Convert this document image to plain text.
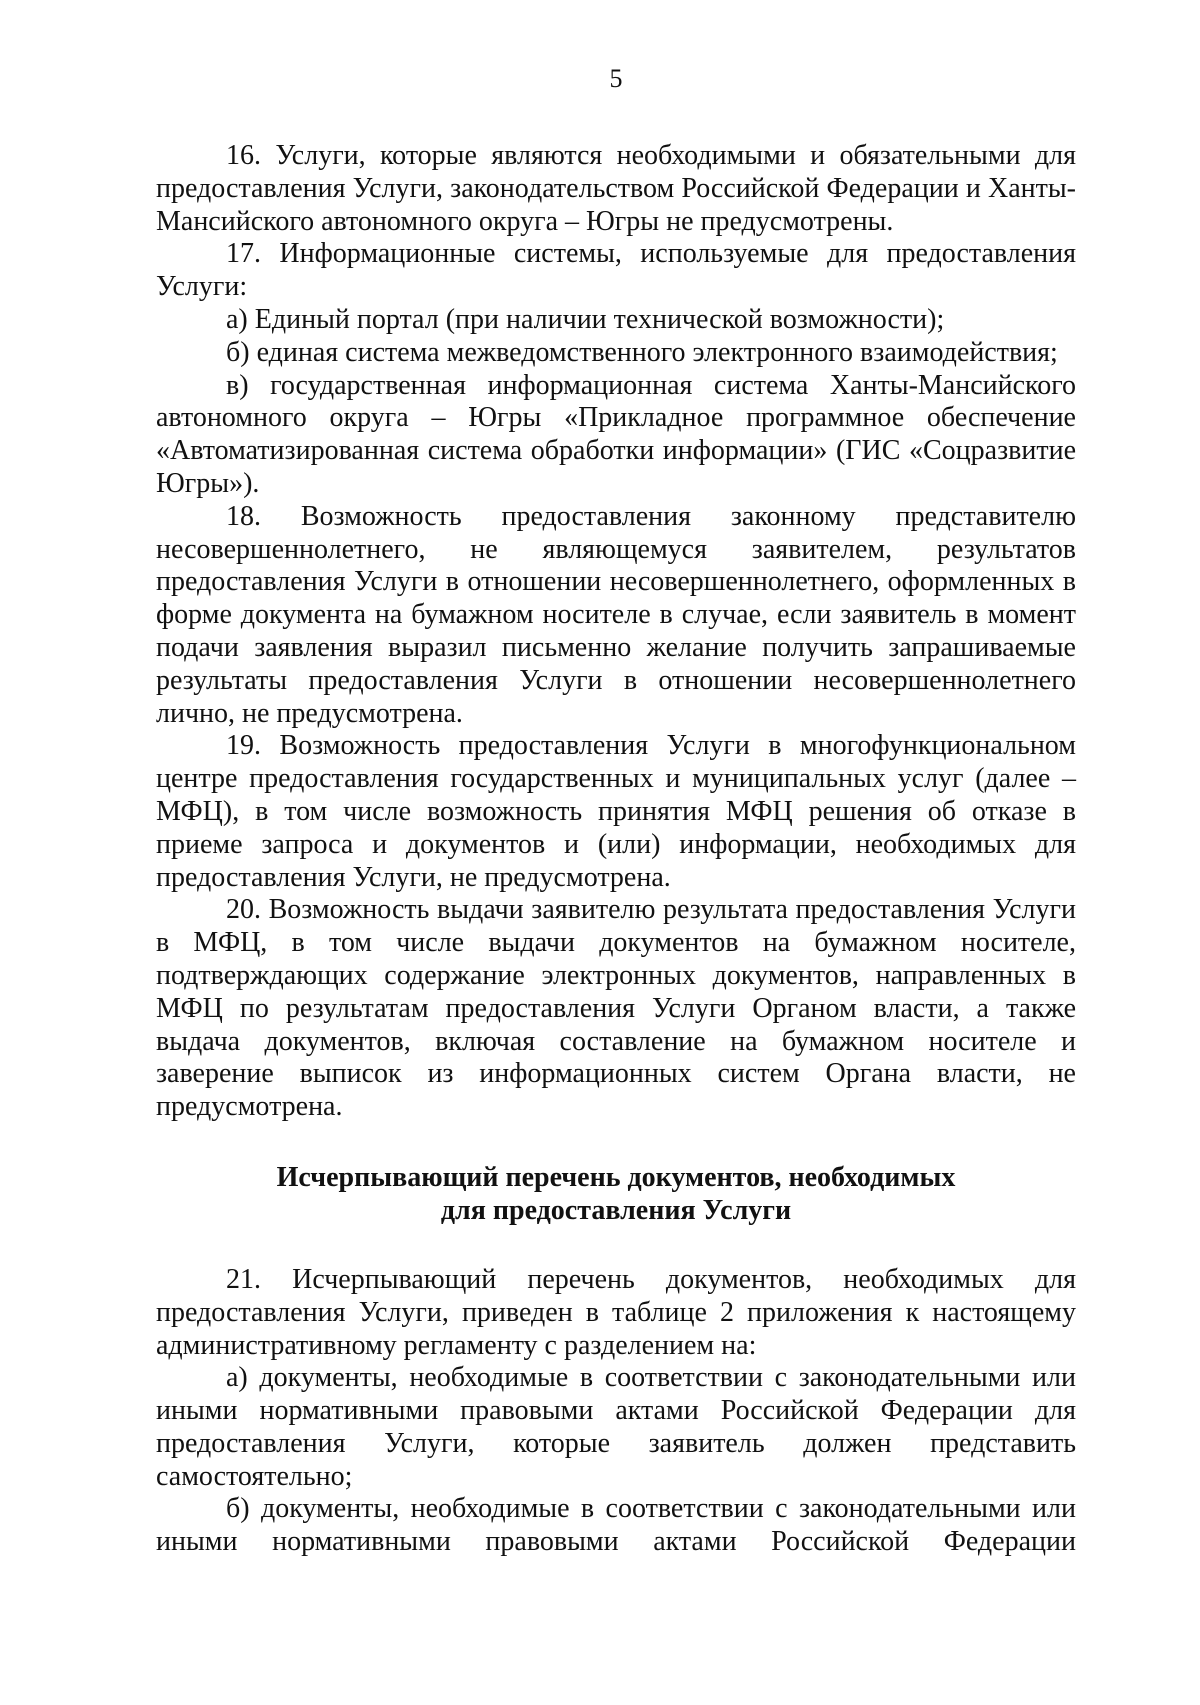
5

16. Услуги, которые являются необходимыми и обязательными для предоставления Услуги, законодательством Российской Федерации и Ханты-Мансийского автономного округа – Югры не предусмотрены.

17. Информационные системы, используемые для предоставления Услуги:

а) Единый портал (при наличии технической возможности);

б) единая система межведомственного электронного взаимодействия;

в) государственная информационная система Ханты-Мансийского автономного округа – Югры «Прикладное программное обеспечение «Автоматизированная система обработки информации» (ГИС «Соцразвитие Югры»).

18. Возможность предоставления законному представителю несовершеннолетнего, не являющемуся заявителем, результатов предоставления Услуги в отношении несовершеннолетнего, оформленных в форме документа на бумажном носителе в случае, если заявитель в момент подачи заявления выразил письменно желание получить запрашиваемые результаты предоставления Услуги в отношении несовершеннолетнего лично, не предусмотрена.

19. Возможность предоставления Услуги в многофункциональном центре предоставления государственных и муниципальных услуг (далее – МФЦ), в том числе возможность принятия МФЦ решения об отказе в приеме запроса и документов и (или) информации, необходимых для предоставления Услуги, не предусмотрена.

20. Возможность выдачи заявителю результата предоставления Услуги в МФЦ, в том числе выдачи документов на бумажном носителе, подтверждающих содержание электронных документов, направленных в МФЦ по результатам предоставления Услуги Органом власти, а также выдача документов, включая составление на бумажном носителе и заверение выписок из информационных систем Органа власти, не предусмотрена.

Исчерпывающий перечень документов, необходимых
для предоставления Услуги

21. Исчерпывающий перечень документов, необходимых для предоставления Услуги, приведен в таблице 2 приложения к настоящему административному регламенту с разделением на:

а) документы, необходимые в соответствии с законодательными или иными нормативными правовыми актами Российской Федерации для предоставления Услуги, которые заявитель должен представить самостоятельно;

б) документы, необходимые в соответствии с законодательными или иными нормативными правовыми актами Российской Федерации
